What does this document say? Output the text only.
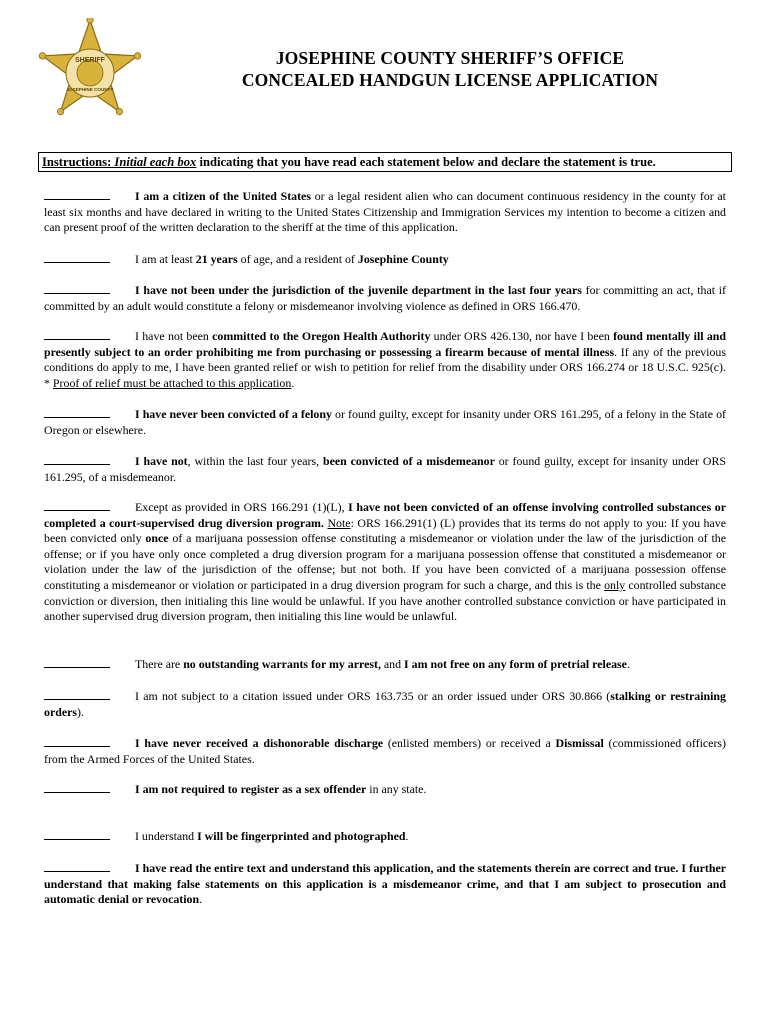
SHERIFF
JOSEPHINE COUNTY
JOSEPHINE COUNTY SHERIFF’S OFFICE
CONCEALED HANDGUN LICENSE APPLICATION
Instructions: Initial each box indicating that you have read each statement below and declare the statement is true.
I am a citizen of the United States or a legal resident alien who can document continuous residency in the county for at least six months and have declared in writing to the United States Citizenship and Immigration Services my intention to become a citizen and can present proof of the written declaration to the sheriff at the time of this application.
I am at least 21 years of age, and a resident of Josephine County
I have not been under the jurisdiction of the juvenile department in the last four years for committing an act, that if committed by an adult would constitute a felony or misdemeanor involving violence as defined in ORS 166.470.
I have not been committed to the Oregon Health Authority under ORS 426.130, nor have I been found mentally ill and presently subject to an order prohibiting me from purchasing or possessing a firearm because of mental illness. If any of the previous conditions do apply to me, I have been granted relief or wish to petition for relief from the disability under ORS 166.274 or 18 U.S.C. 925(c). * Proof of relief must be attached to this application.
I have never been convicted of a felony or found guilty, except for insanity under ORS 161.295, of a felony in the State of Oregon or elsewhere.
I have not, within the last four years, been convicted of a misdemeanor or found guilty, except for insanity under ORS 161.295, of a misdemeanor.
Except as provided in ORS 166.291 (1)(L), I have not been convicted of an offense involving controlled substances or completed a court-supervised drug diversion program. Note: ORS 166.291(1) (L) provides that its terms do not apply to you: If you have been convicted only once of a marijuana possession offense constituting a misdemeanor or violation under the law of the jurisdiction of the offense; or if you have only once completed a drug diversion program for a marijuana possession offense that constituted a misdemeanor or violation under the law of the jurisdiction of the offense; but not both. If you have been convicted of a marijuana possession offense constituting a misdemeanor or violation or participated in a drug diversion program for such a charge, and this is the only controlled substance conviction or diversion, then initialing this line would be unlawful. If you have another controlled substance conviction or have participated in another supervised drug diversion program, then initialing this line would be unlawful.
There are no outstanding warrants for my arrest, and I am not free on any form of pretrial release.
I am not subject to a citation issued under ORS 163.735 or an order issued under ORS 30.866 (stalking or restraining orders).
I have never received a dishonorable discharge (enlisted members) or received a Dismissal (commissioned officers) from the Armed Forces of the United States.
I am not required to register as a sex offender in any state.
I understand I will be fingerprinted and photographed.
I have read the entire text and understand this application, and the statements therein are correct and true. I further understand that making false statements on this application is a misdemeanor crime, and that I am subject to prosecution and automatic denial or revocation.
